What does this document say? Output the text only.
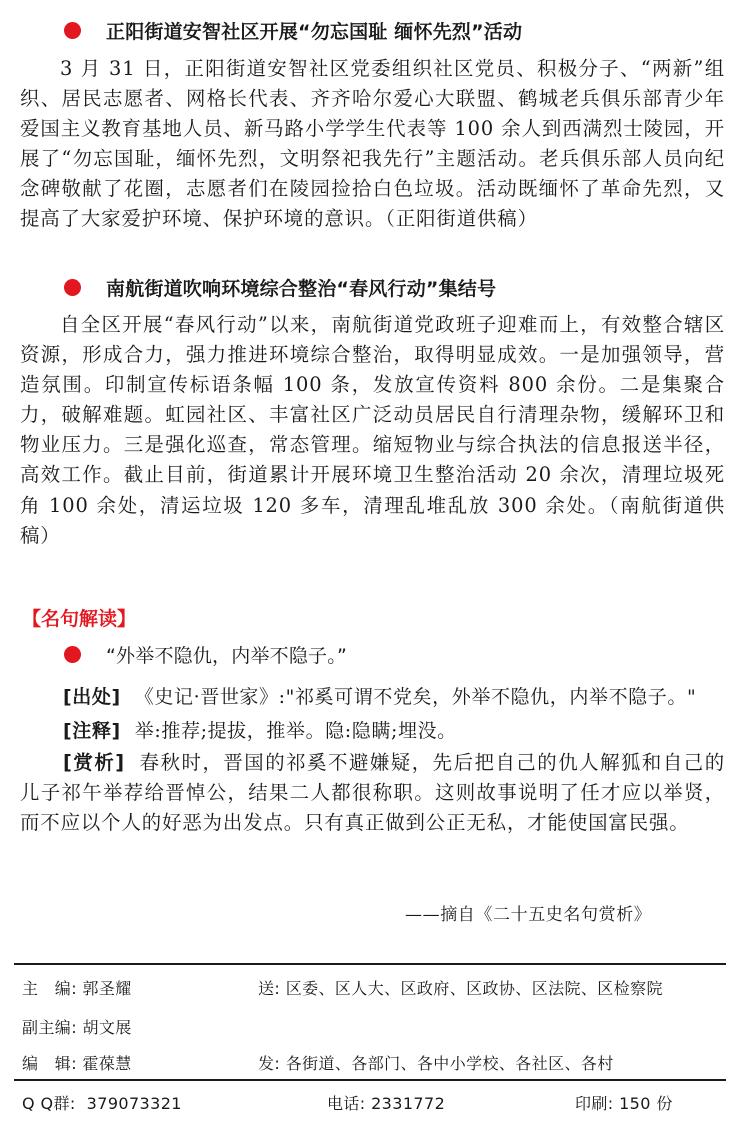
正阳街道安智社区开展“勿忘国耻 缅怀先烈”活动
3 月 31 日，正阳街道安智社区党委组织社区党员、积极分子、“两新”组织、居民志愿者、网格长代表、齐齐哈尔爱心大联盟、鹤城老兵俱乐部青少年爱国主义教育基地人员、新马路小学学生代表等 100 余人到西满烈士陵园，开展了“勿忘国耻，缅怀先烈，文明祭祀我先行”主题活动。老兵俱乐部人员向纪念碑敬献了花圈，志愿者们在陵园捡拾白色垃圾。活动既缅怀了革命先烈，又提高了大家爱护环境、保护环境的意识。（正阳街道供稿）
南航街道吹响环境综合整治“春风行动”集结号
自全区开展“春风行动”以来，南航街道党政班子迎难而上，有效整合辖区资源，形成合力，强力推进环境综合整治，取得明显成效。一是加强领导，营造氛围。印制宣传标语条幅 100 条，发放宣传资料 800 余份。二是集聚合力，破解难题。虹园社区、丰富社区广泛动员居民自行清理杂物，缓解环卫和物业压力。三是强化巡查，常态管理。缩短物业与综合执法的信息报送半径，高效工作。截止目前，街道累计开展环境卫生整治活动 20 余次，清理垃圾死角 100 余处，清运垃圾 120 多车，清理乱堆乱放 300 余处。（南航街道供稿）
【名句解读】
“外举不隐仇，内举不隐子。”
[出处] 《史记·晋世家》:"祁奚可谓不党矣，外举不隐仇，内举不隐子。"
[注释] 举:推荐;提拔，推举。隐:隐瞒;埋没。
[赏析] 春秋时，晋国的祁奚不避嫌疑，先后把自己的仇人解狐和自己的儿子祁午举荐给晋悼公，结果二人都很称职。这则故事说明了任才应以举贤，而不应以个人的好恶为出发点。只有真正做到公正无私，才能使国富民强。
——摘自《二十五史名句赏析》
主　编: 郭圣耀	送: 区委、区人大、区政府、区政协、区法院、区检察院
副主编: 胡文展
编　辑: 霍葆慧	发: 各街道、各部门、各中小学校、各社区、各村
Q Q群: 379073321	电话: 2331772	印刷: 150 份
